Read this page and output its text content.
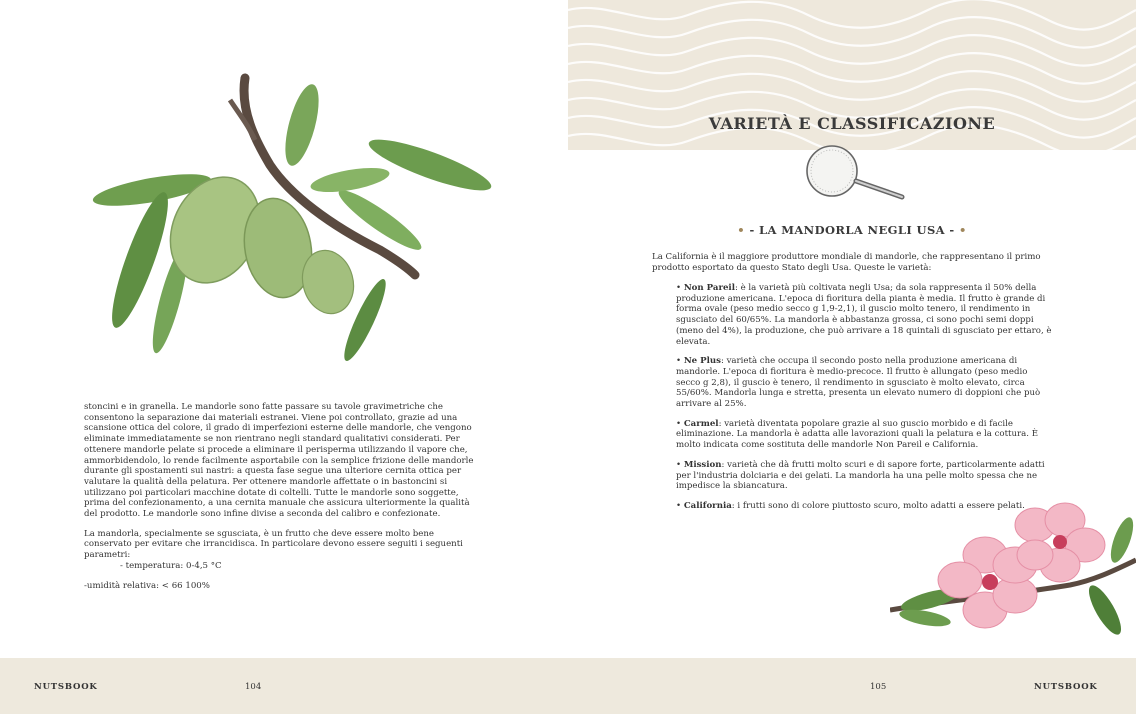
stoncini e in granella. Le mandorle sono fatte passare su tavole gravimetriche che consentono la separazione dai materiali estranei. Viene poi controllato, grazie ad una scansione ottica del colore, il grado di imperfezioni esterne delle mandorle, che vengono eliminate immediatamente se non rientrano negli standard qualitativi considerati. Per ottenere mandorle pelate si procede a eliminare il perisperma utilizzando il vapore che, ammorbidendolo, lo rende facilmente asportabile con la semplice frizione delle mandorle durante gli spostamenti sui nastri: a questa fase segue una ulteriore cernita ottica per valutare la qualità della pelatura. Per ottenere mandorle affettate o in bastoncini si utilizzano poi particolari macchine dotate di coltelli. Tutte le mandorle sono soggette, prima del confezionamento, a una cernita manuale che assicura ulteriormente la qualità del prodotto. Le mandorle sono infine divise a seconda del calibro e confezionate.

La mandorla, specialmente se sgusciata, è un frutto che deve essere molto bene conservato per evitare che irrancidisca. In particolare devono essere seguiti i seguenti parametri:

- temperatura: 0-4,5 °C

-umidità relativa: < 66 100%

VARIETÀ E CLASSIFICAZIONE
• - LA MANDORLA NEGLI USA - •
La California è il maggiore produttore mondiale di mandorle, che rappresentano il primo prodotto esportato da questo Stato degli Usa. Queste le varietà:
• Non Pareil: è la varietà più coltivata negli Usa; da sola rappresenta il 50% della produzione americana. L'epoca di fioritura della pianta è media. Il frutto è grande di forma ovale (peso medio secco g 1,9-2,1), il guscio molto tenero, il rendimento in sgusciato del 60/65%. La mandorla è abbastanza grossa, ci sono pochi semi doppi (meno del 4%), la produzione, che può arrivare a 18 quintali di sgusciato per ettaro, è elevata.
• Ne Plus: varietà che occupa il secondo posto nella produzione americana di mandorle. L'epoca di fioritura è medio-precoce. Il frutto è allungato (peso medio secco g 2,8), il guscio è tenero, il rendimento in sgusciato è molto elevato, circa 55/60%. Mandorla lunga e stretta, presenta un elevato numero di doppioni che può arrivare al 25%.
• Carmel: varietà diventata popolare grazie al suo guscio morbido e di facile eliminazione. La mandorla è adatta alle lavorazioni quali la pelatura e la cottura. È molto indicata come sostituta delle mandorle Non Pareil e California.
• Mission: varietà che dà frutti molto scuri e di sapore forte, particolarmente adatti per l'industria dolciaria e dei gelati. La mandorla ha una pelle molto spessa che ne impedisce la sbiancatura.
• California: i frutti sono di colore piuttosto scuro, molto adatti a essere pelati.
NUTSBOOK	104	105	NUTSBOOK
